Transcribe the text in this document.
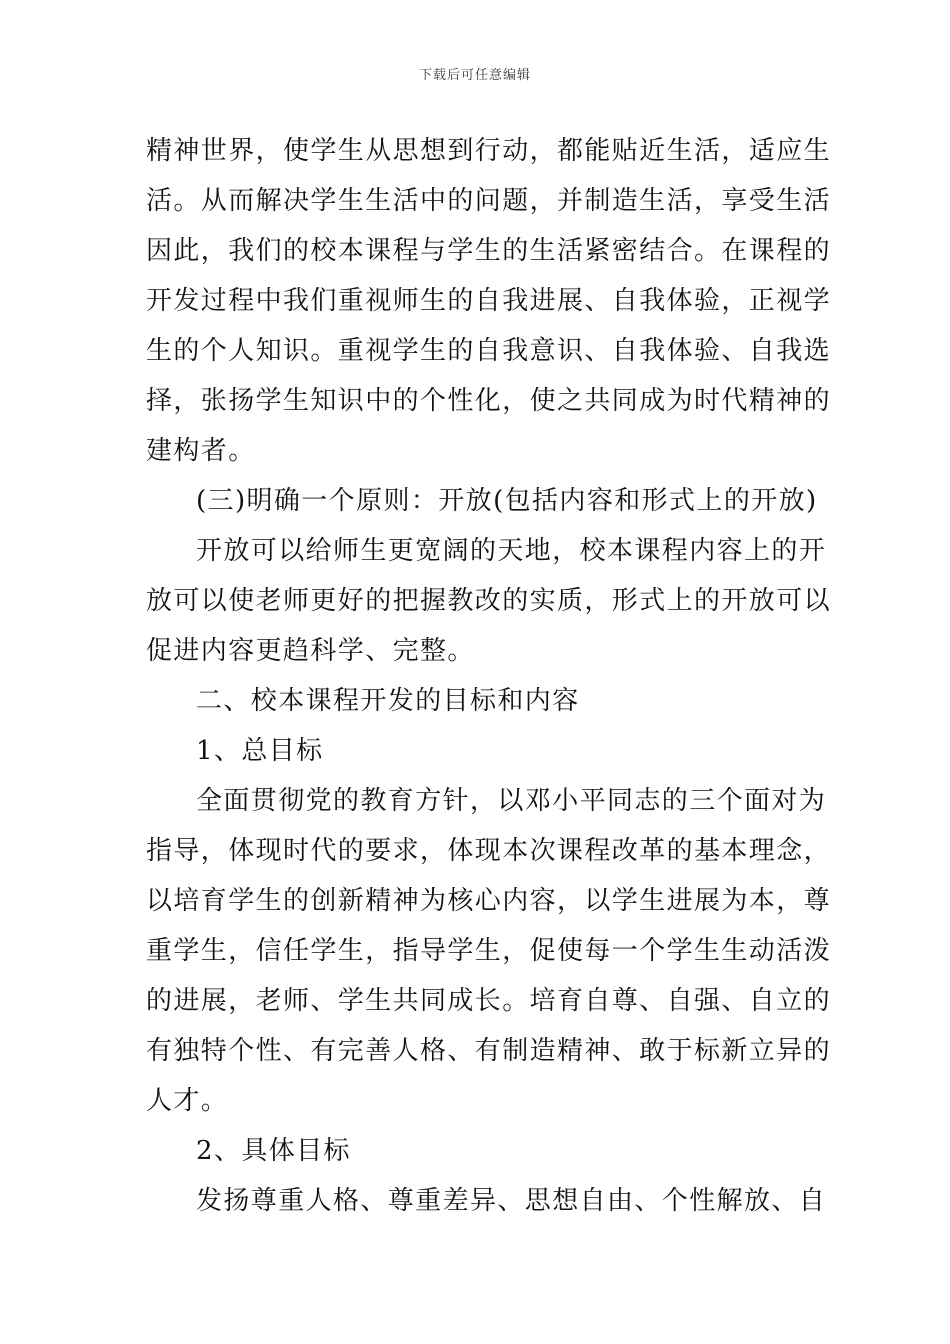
下载后可任意编辑
精神世界，使学生从思想到行动，都能贴近生活，适应生
活。从而解决学生生活中的问题，并制造生活，享受生活
因此，我们的校本课程与学生的生活紧密结合。在课程的
开发过程中我们重视师生的自我进展、自我体验，正视学
生的个人知识。重视学生的自我意识、自我体验、自我选
择，张扬学生知识中的个性化，使之共同成为时代精神的
建构者。
(三)明确一个原则：开放(包括内容和形式上的开放)
开放可以给师生更宽阔的天地，校本课程内容上的开
放可以使老师更好的把握教改的实质，形式上的开放可以
促进内容更趋科学、完整。
二、校本课程开发的目标和内容
1、总目标
全面贯彻党的教育方针，以邓小平同志的三个面对为
指导，体现时代的要求，体现本次课程改革的基本理念，
以培育学生的创新精神为核心内容，以学生进展为本，尊
重学生，信任学生，指导学生，促使每一个学生生动活泼
的进展，老师、学生共同成长。培育自尊、自强、自立的
有独特个性、有完善人格、有制造精神、敢于标新立异的
人才。
2、具体目标
发扬尊重人格、尊重差异、思想自由、个性解放、自
